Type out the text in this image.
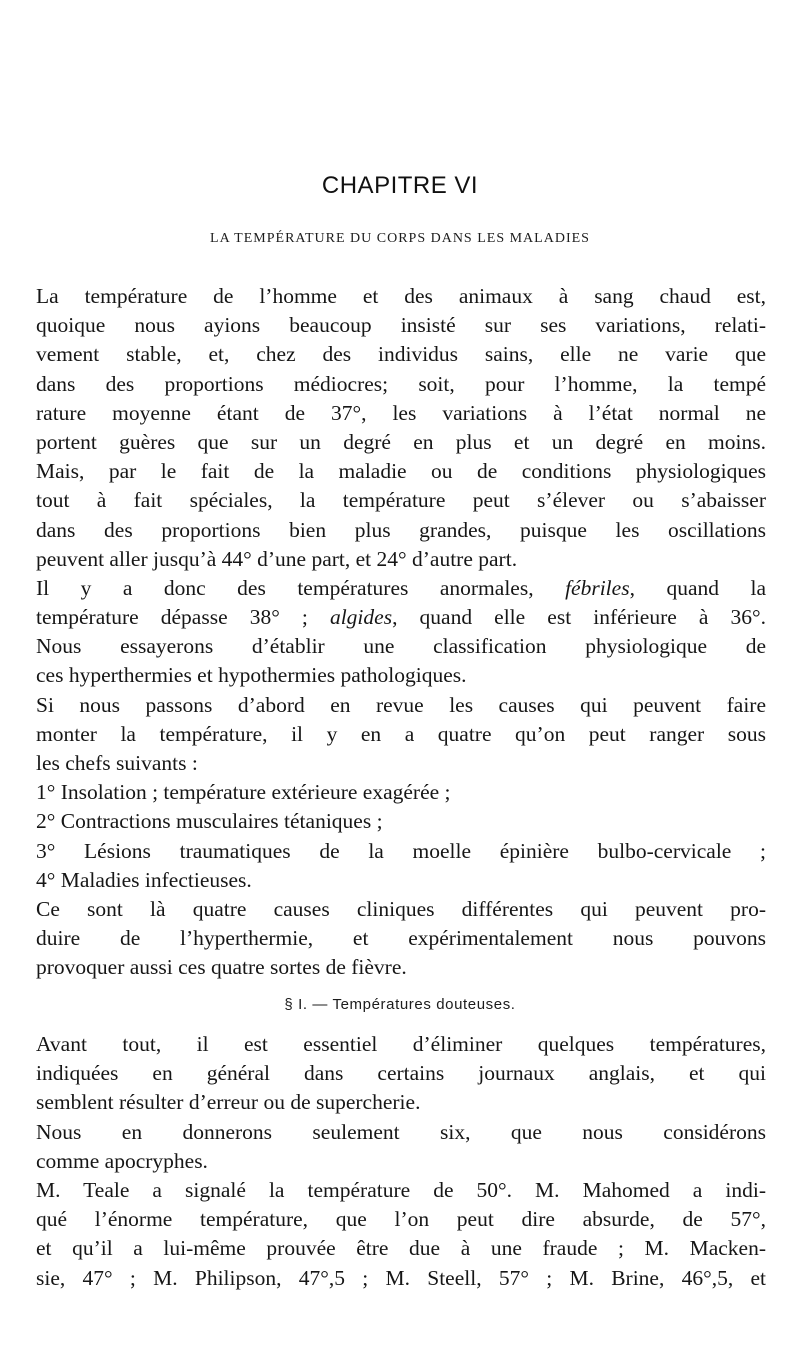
CHAPITRE VI
LA TEMPÉRATURE DU CORPS DANS LES MALADIES
La température de l’homme et des animaux à sang chaud est,
quoique nous ayions beaucoup insisté sur ses variations, relati-
vement stable, et, chez des individus sains, elle ne varie que
dans des proportions médiocres; soit, pour l’homme, la tempé
rature moyenne étant de 37°, les variations à l’état normal ne
portent guères que sur un degré en plus et un degré en moins.
Mais, par le fait de la maladie ou de conditions physiologiques
tout à fait spéciales, la température peut s’élever ou s’abaisser
dans des proportions bien plus grandes, puisque les oscillations
peuvent aller jusqu’à 44° d’une part, et 24° d’autre part.
Il y a donc des températures anormales, fébriles, quand la
température dépasse 38° ; algides, quand elle est inférieure à 36°.
Nous essayerons d’établir une classification physiologique de
ces hyperthermies et hypothermies pathologiques.
Si nous passons d’abord en revue les causes qui peuvent faire
monter la température, il y en a quatre qu’on peut ranger sous
les chefs suivants :
1° Insolation ; température extérieure exagérée ;
2° Contractions musculaires tétaniques ;
3° Lésions traumatiques de la moelle épinière bulbo-cervicale ;
4° Maladies infectieuses.
Ce sont là quatre causes cliniques différentes qui peuvent pro-
duire de l’hyperthermie, et expérimentalement nous pouvons
provoquer aussi ces quatre sortes de fièvre.
§ I. — Températures douteuses.
Avant tout, il est essentiel d’éliminer quelques températures,
indiquées en général dans certains journaux anglais, et qui
semblent résulter d’erreur ou de supercherie.
Nous en donnerons seulement six, que nous considérons
comme apocryphes.
M. Teale a signalé la température de 50°. M. Mahomed a indi-
qué l’énorme température, que l’on peut dire absurde, de 57°,
et qu’il a lui-même prouvée être due à une fraude ; M. Macken-
sie, 47° ; M. Philipson, 47°,5 ; M. Steell, 57° ; M. Brine, 46°,5, et
